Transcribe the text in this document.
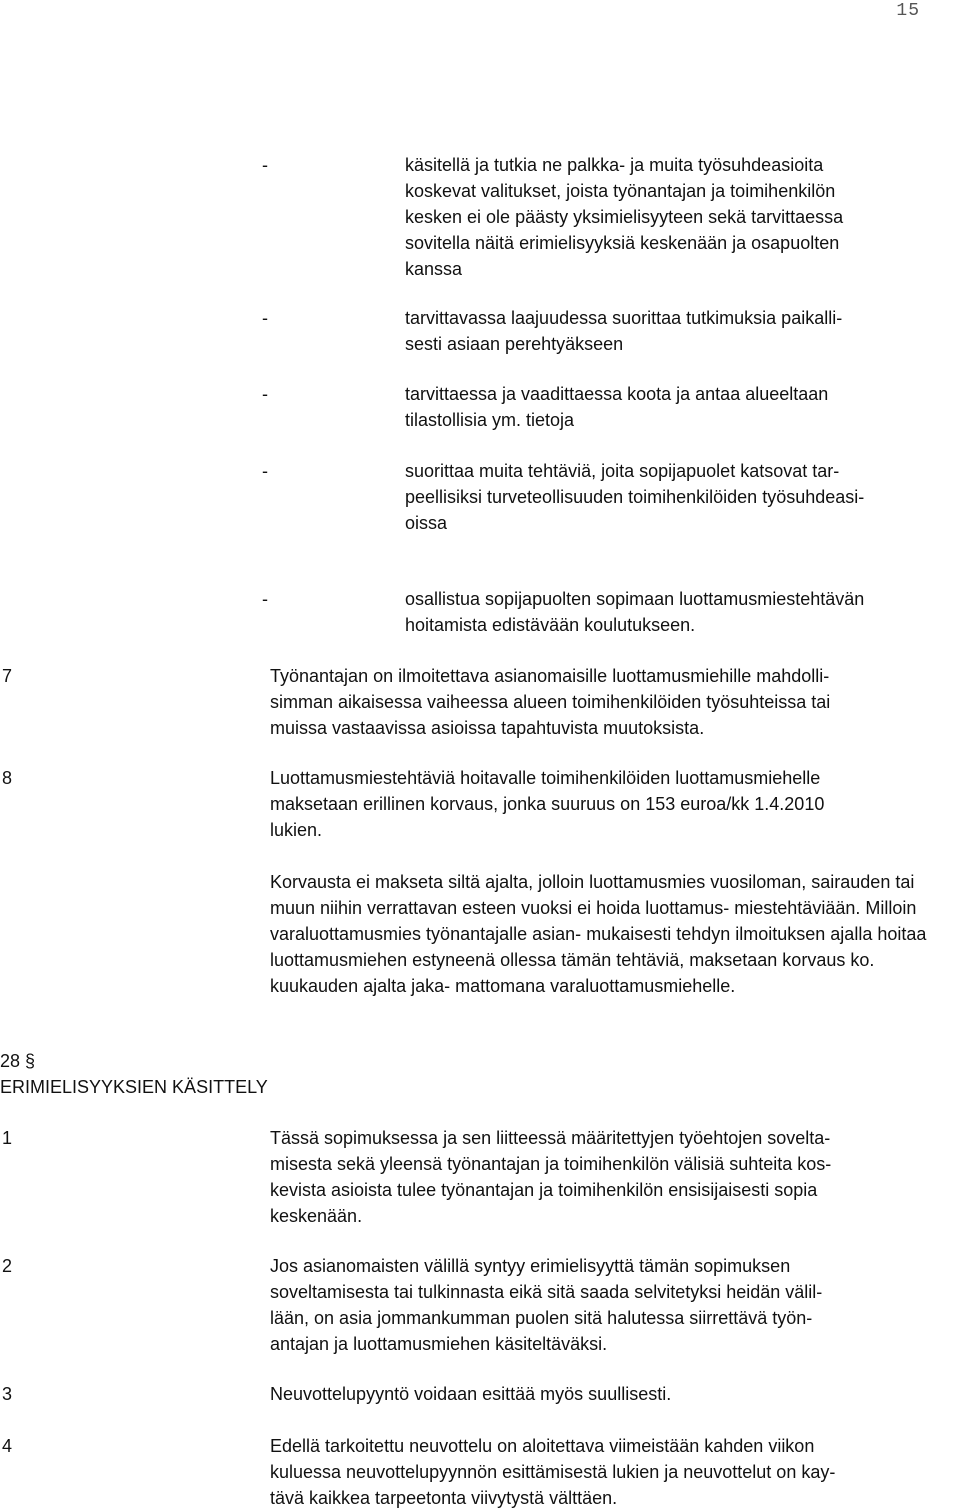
15
-	käsitellä ja tutkia ne palkka- ja muita työsuhdeasioita
koskevat valitukset, joista työnantajan ja toimihenkilön
kesken ei ole päästy yksimielisyyteen sekä tarvittaessa
sovitella näitä erimielisyyksiä keskenään ja osapuolten
kanssa
-	tarvittavassa laajuudessa suorittaa tutkimuksia paikalli-
sesti asiaan perehtyäkseen
-	tarvittaessa ja vaadittaessa koota ja antaa alueeltaan
tilastollisia ym. tietoja
-	suorittaa muita tehtäviä, joita sopijapuolet katsovat tar-
peellisiksi turveteollisuuden toimihenkilöiden työsuhdeasi-
oissa
-	osallistua sopijapuolten sopimaan luottamusmiestehtävän
hoitamista edistävään koulutukseen.
7	Työnantajan on ilmoitettava asianomaisille luottamusmiehille mahdolli-
simman aikaisessa vaiheessa alueen toimihenkilöiden työsuhteissa tai
muissa vastaavissa asioissa tapahtuvista muutoksista.
8	Luottamusmiestehtäviä hoitavalle toimihenkilöiden luottamusmiehelle
maksetaan erillinen korvaus, jonka suuruus on 153 euroa/kk 1.4.2010
lukien.
Korvausta ei makseta siltä ajalta, jolloin luottamusmies vuosiloman, sairauden tai muun niihin verrattavan esteen vuoksi ei hoida luottamus- miestehtäviään. Milloin varaluottamusmies työnantajalle asian- mukaisesti tehdyn ilmoituksen ajalla hoitaa luottamusmiehen estyneenä ollessa tämän tehtäviä, maksetaan korvaus ko. kuukauden ajalta jaka- mattomana varaluottamusmiehelle.
28 §
ERIMIELISYYKSIEN KÄSITTELY
1	Tässä sopimuksessa ja sen liitteessä määritettyjen työehtojen sovelta-
misesta sekä yleensä työnantajan ja toimihenkilön välisiä suhteita kos-
kevista asioista tulee työnantajan ja toimihenkilön ensisijaisesti sopia
keskenään.
2	Jos asianomaisten välillä syntyy erimielisyyttä tämän sopimuksen
soveltamisesta tai tulkinnasta eikä sitä saada selvitetyksi heidän välil-
lään, on asia jommankumman puolen sitä halutessa siirrettävä työn-
antajan ja luottamusmiehen käsiteltäväksi.
3	Neuvottelupyyntö voidaan esittää myös suullisesti.
4	Edellä tarkoitettu neuvottelu on aloitettava viimeistään kahden viikon
kuluessa neuvottelupyynnön esittämisestä lukien ja neuvottelut on kay-
tävä kaikkea tarpeetonta viivytystä välttäen.
